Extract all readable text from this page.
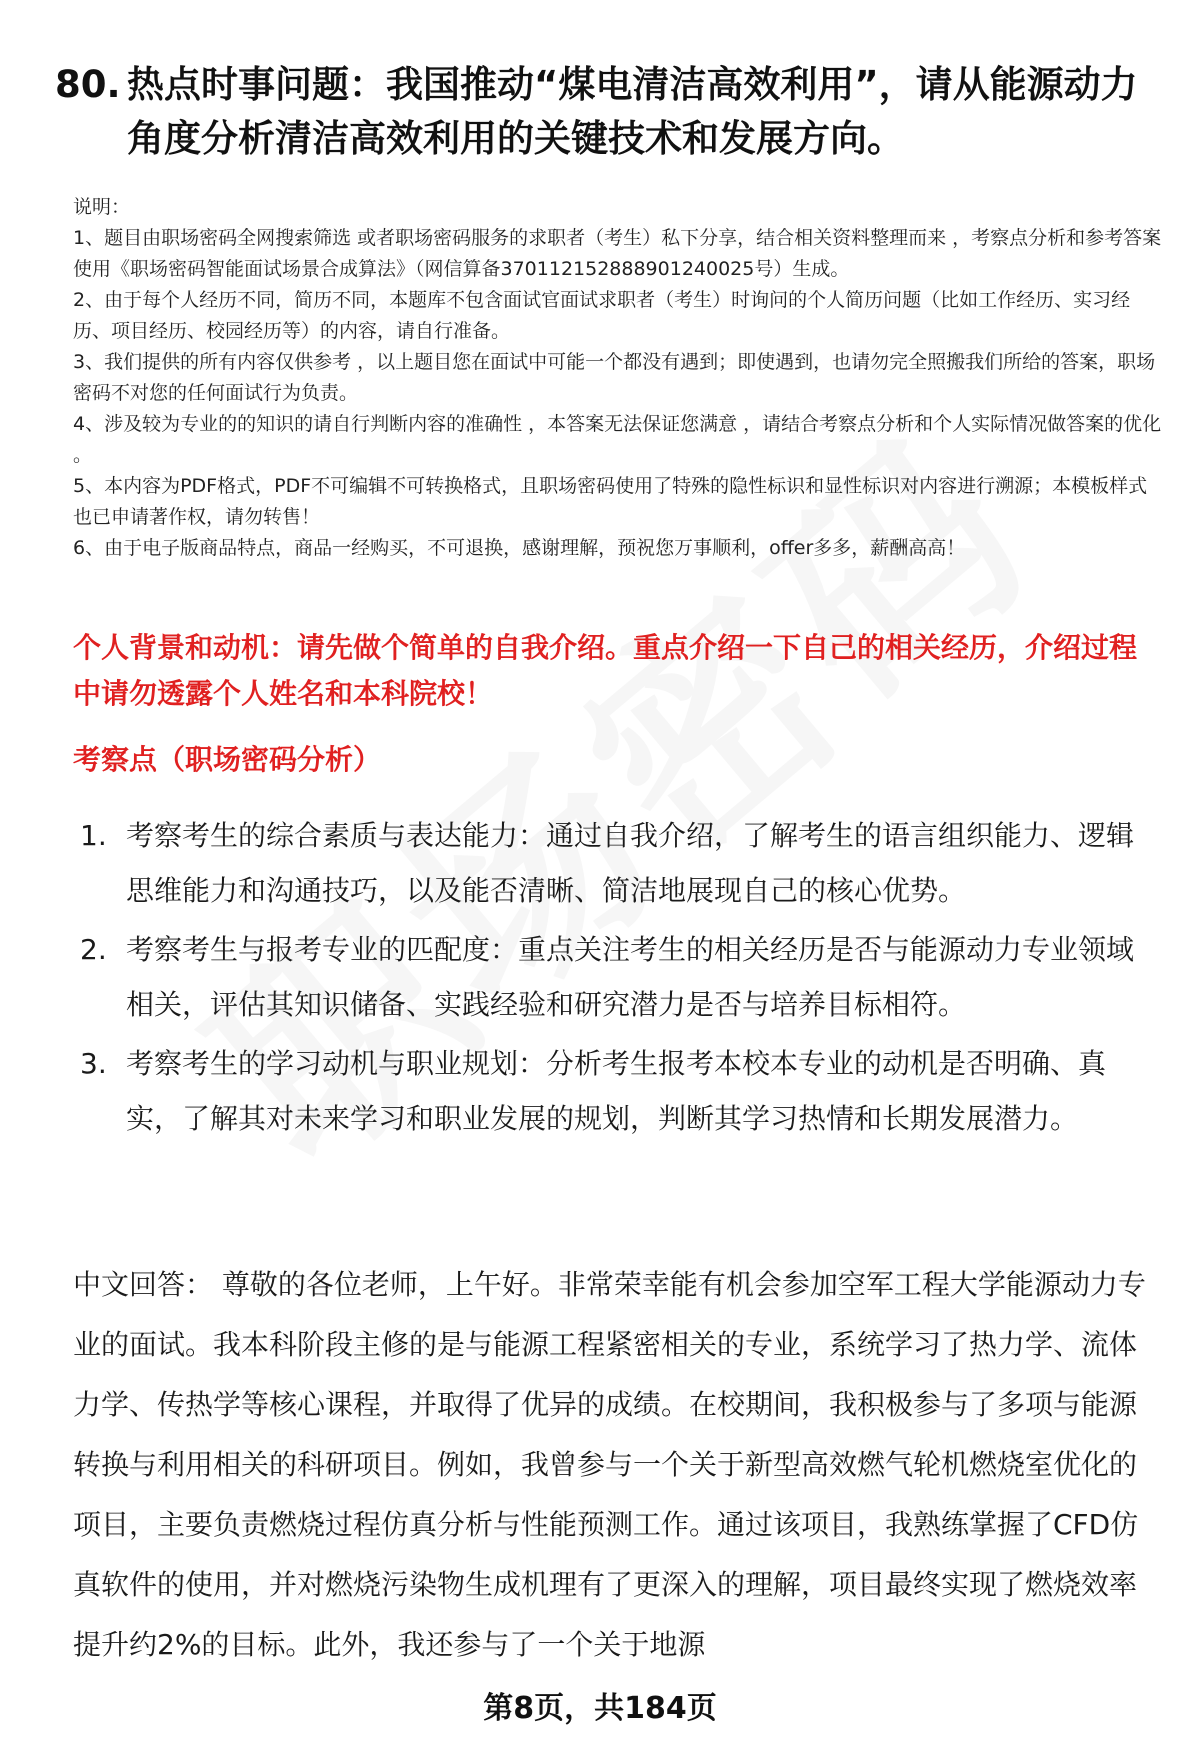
80. 热点时事问题：我国推动“煤电清洁高效利用”，请从能源动力角度分析清洁高效利用的关键技术和发展方向。

说明：

1、题目由职场密码全网搜索筛选 或者职场密码服务的求职者（考生）私下分享，结合相关资料整理而来 ，考察点分析和参考答案使用《职场密码智能面试场景合成算法》（网信算备370112152888901240025号）生成。

2、由于每个人经历不同，简历不同，本题库不包含面试官面试求职者（考生）时询问的个人简历问题（比如工作经历、实习经历、项目经历、校园经历等）的内容，请自行准备。

3、我们提供的所有内容仅供参考 ，以上题目您在面试中可能一个都没有遇到；即使遇到，也请勿完全照搬我们所给的答案，职场密码不对您的任何面试行为负责。

4、涉及较为专业的的知识的请自行判断内容的准确性 ，本答案无法保证您满意 ，请结合考察点分析和个人实际情况做答案的优化 。

5、本内容为PDF格式，PDF不可编辑不可转换格式，且职场密码使用了特殊的隐性标识和显性标识对内容进行溯源；本模板样式也已申请著作权，请勿转售！

6、由于电子版商品特点，商品一经购买，不可退换，感谢理解，预祝您万事顺利，offer多多，薪酬高高！

个人背景和动机：请先做个简单的自我介绍。重点介绍一下自己的相关经历，介绍过程中请勿透露个人姓名和本科院校！
考察点（职场密码分析）
1. 考察考生的综合素质与表达能力：通过自我介绍，了解考生的语言组织能力、逻辑思维能力和沟通技巧，以及能否清晰、简洁地展现自己的核心优势。
2. 考察考生与报考专业的匹配度：重点关注考生的相关经历是否与能源动力专业领域相关，评估其知识储备、实践经验和研究潜力是否与培养目标相符。
3. 考察考生的学习动机与职业规划：分析考生报考本校本专业的动机是否明确、真实，了解其对未来学习和职业发展的规划，判断其学习热情和长期发展潜力。

中文回答： 尊敬的各位老师，上午好。非常荣幸能有机会参加空军工程大学能源动力专业的面试。我本科阶段主修的是与能源工程紧密相关的专业，系统学习了热力学、流体力学、传热学等核心课程，并取得了优异的成绩。在校期间，我积极参与了多项与能源转换与利用相关的科研项目。例如，我曾参与一个关于新型高效燃气轮机燃烧室优化的项目，主要负责燃烧过程仿真分析与性能预测工作。通过该项目，我熟练掌握了CFD仿真软件的使用，并对燃烧污染物生成机理有了更深入的理解，项目最终实现了燃烧效率提升约2%的目标。此外，我还参与了一个关于地源

第8页，共184页
